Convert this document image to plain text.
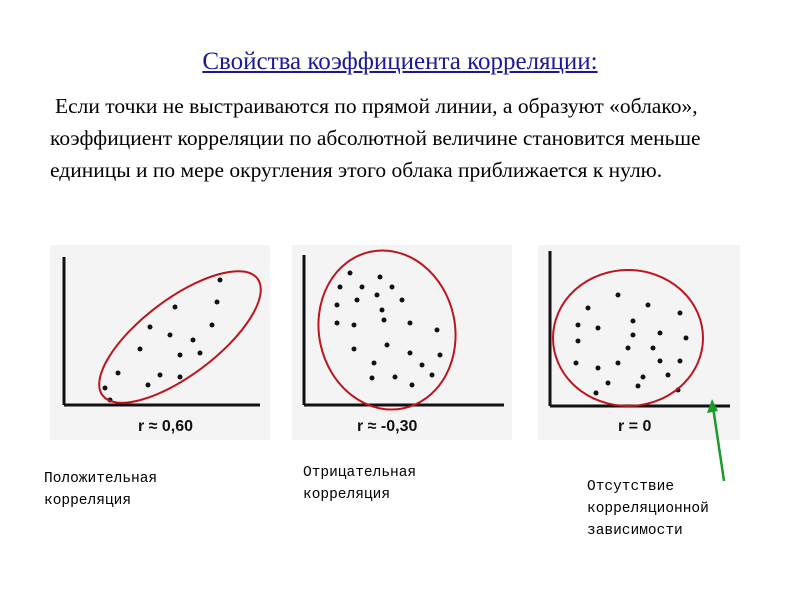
Свойства коэффициента корреляции:
Если точки не выстраиваются по прямой линии, а образуют «облако», коэффициент корреляции по абсолютной величине становится меньше единицы и по мере округления этого облака приближается к нулю.
r ≈ 0,60	r ≈ -0,30	r = 0
Положительная
корреляция
Отрицательная
корреляция	Отсутствие
корреляционной
зависимости
